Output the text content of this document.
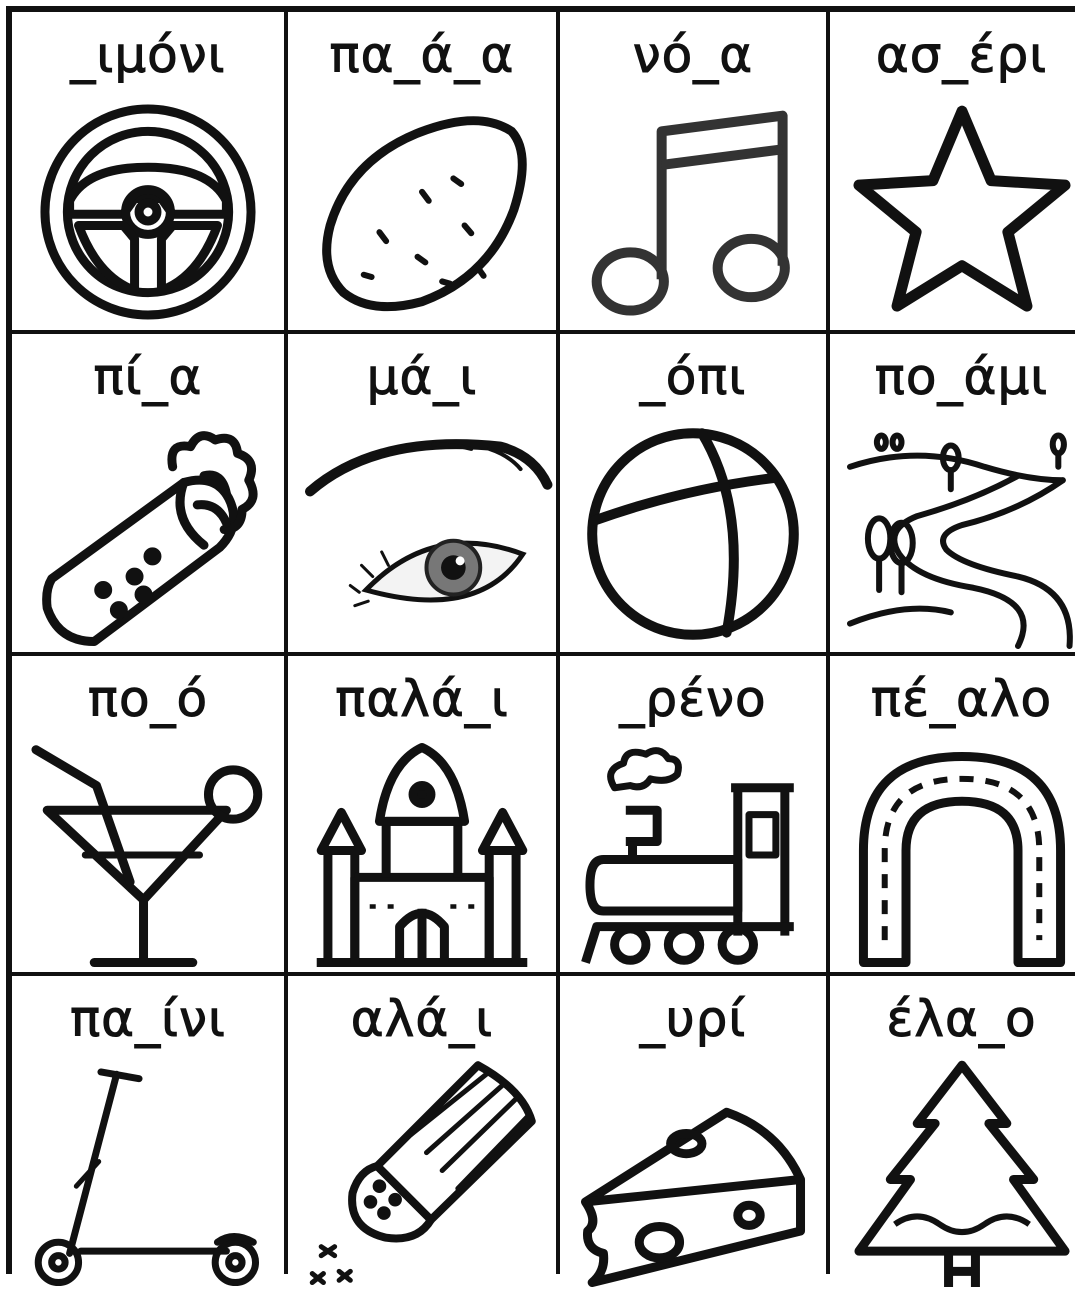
_ιμόνι	πα_ά_α	νό_α	ασ_έρι
πί_α	μά_ι	_όπι	πο_άμι
πο_ό	παλά_ι	_ρένο	πέ_αλο
πα_ίνι	αλά_ι	_υρί	έλα_ο
